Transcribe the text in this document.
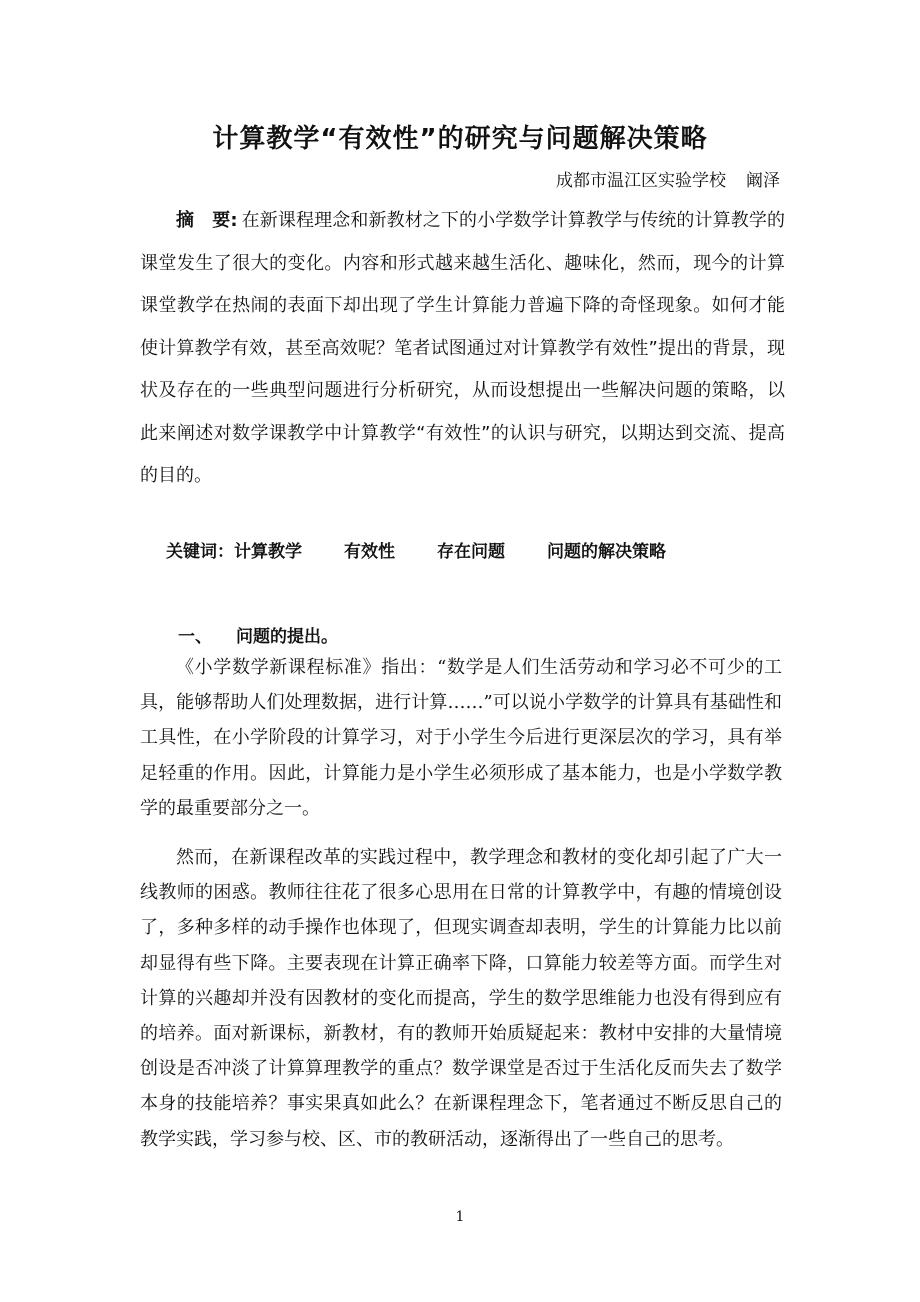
计算教学“有效性”的研究与问题解决策略
成都市温江区实验学校 阚泽
摘　要: 在新课程理念和新教材之下的小学数学计算教学与传统的计算教学的课堂发生了很大的变化。内容和形式越来越生活化、趣味化，然而，现今的计算课堂教学在热闹的表面下却出现了学生计算能力普遍下降的奇怪现象。如何才能使计算教学有效，甚至高效呢？笔者试图通过对计算教学有效性”提出的背景，现状及存在的一些典型问题进行分析研究，从而设想提出一些解决问题的策略，以此来阐述对数学课教学中计算教学“有效性”的认识与研究，以期达到交流、提高的目的。
关键词：计算教学 有效性 存在问题 问题的解决策略
一、 问题的提出。

《小学数学新课程标准》指出：“数学是人们生活劳动和学习必不可少的工具，能够帮助人们处理数据，进行计算……”可以说小学数学的计算具有基础性和工具性，在小学阶段的计算学习，对于小学生今后进行更深层次的学习，具有举足轻重的作用。因此，计算能力是小学生必须形成了基本能力，也是小学数学教学的最重要部分之一。

然而，在新课程改革的实践过程中，教学理念和教材的变化却引起了广大一线教师的困惑。教师往往花了很多心思用在日常的计算教学中，有趣的情境创设了，多种多样的动手操作也体现了，但现实调查却表明，学生的计算能力比以前却显得有些下降。主要表现在计算正确率下降，口算能力较差等方面。而学生对计算的兴趣却并没有因教材的变化而提高，学生的数学思维能力也没有得到应有的培养。面对新课标，新教材，有的教师开始质疑起来：教材中安排的大量情境创设是否冲淡了计算算理教学的重点？数学课堂是否过于生活化反而失去了数学本身的技能培养？事实果真如此么？在新课程理念下，笔者通过不断反思自己的教学实践，学习参与校、区、市的教研活动，逐渐得出了一些自己的思考。

1
